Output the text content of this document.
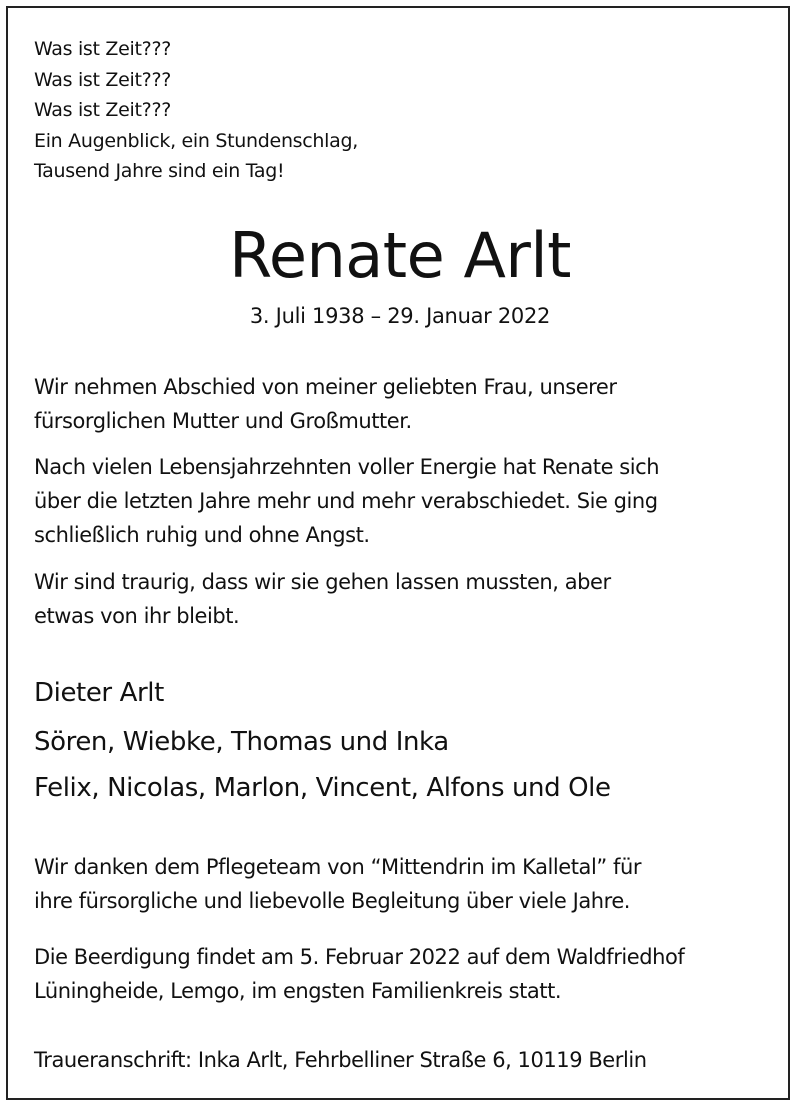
Was ist Zeit???
Was ist Zeit???
Was ist Zeit???
Ein Augenblick, ein Stundenschlag,
Tausend Jahre sind ein Tag!
Renate Arlt
3. Juli 1938 – 29. Januar 2022
Wir nehmen Abschied von meiner geliebten Frau, unserer
fürsorglichen Mutter und Großmutter.
Nach vielen Lebensjahrzehnten voller Energie hat Renate sich
über die letzten Jahre mehr und mehr verabschiedet. Sie ging
schließlich ruhig und ohne Angst.
Wir sind traurig, dass wir sie gehen lassen mussten, aber
etwas von ihr bleibt.
Dieter Arlt
Sören, Wiebke, Thomas und Inka
Felix, Nicolas, Marlon, Vincent, Alfons und Ole
Wir danken dem Pflegeteam von “Mittendrin im Kalletal” für
ihre fürsorgliche und liebevolle Begleitung über viele Jahre.
Die Beerdigung findet am 5. Februar 2022 auf dem Waldfriedhof
Lüningheide, Lemgo, im engsten Familienkreis statt.
Traueranschrift: Inka Arlt, Fehrbelliner Straße 6, 10119 Berlin
